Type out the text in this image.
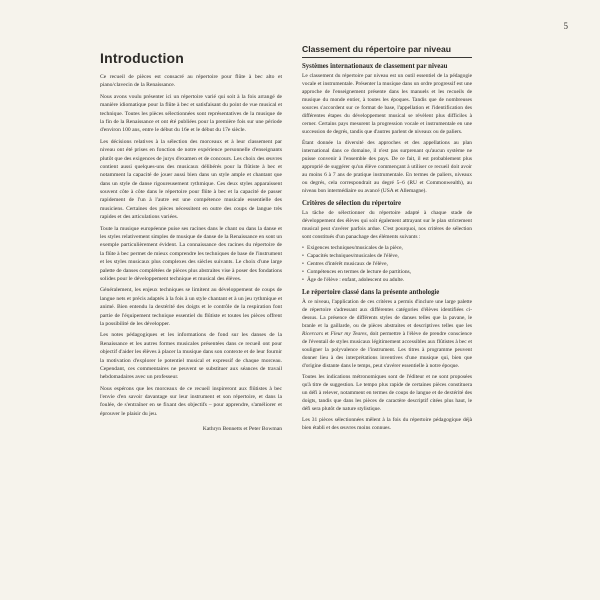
5
Introduction

Ce recueil de pièces est consacré au répertoire pour flûte à bec alto et piano/clavecin de la Renaissance.

Nous avons voulu présenter ici un répertoire varié qui soit à la fois arrangé de manière idiomatique pour la flûte à bec et satisfaisant du point de vue musical et technique. Toutes les pièces sélectionnées sont représentatives de la musique de la fin de la Renaissance et ont été publiées pour la première fois sur une période d'environ 100 ans, entre le début du 16e et le début du 17e siècle.

Les décisions relatives à la sélection des morceaux et à leur classement par niveau ont été prises en fonction de notre expérience personnelle d'enseignants plutôt que des exigences de jurys d'examen et de concours. Les choix des œuvres contient aussi quelques-uns des musicaux délibérés pour la flûtiste à bec et notamment la capacité de jouer aussi bien dans un style ample et chantant que dans un style de danse rigoureusement rythmique. Ces deux styles apparaissent souvent côte à côte dans le répertoire pour flûte à bec et la capacité de passer rapidement de l'un à l'autre est une compétence musicale essentielle des musiciens. Certaines des pièces nécessitent en outre des coups de langue très rapides et des articulations variées.

Toute la musique européenne puise ses racines dans le chant ou dans la danse et les styles relativement simples de musique de danse de la Renaissance en sont un exemple particulièrement évident. La connaissance des racines du répertoire de la flûte à bec permet de mieux comprendre les techniques de base de l'instrument et les styles musicaux plus complexes des siècles suivants. Le choix d'une large palette de danses complétées de pièces plus abstraites vise à poser des fondations solides pour le développement technique et musical des élèves.

Généralement, les enjeux techniques se limitent au développement de coups de langue nets et précis adaptés à la fois à un style chantant et à un jeu rythmique et animé. Bien entendu la dextérité des doigts et le contrôle de la respiration font partie de l'équipement technique essentiel du flûtiste et toutes les pièces offrent la possibilité de les développer.

Les notes pédagogiques et les informations de fond sur les danses de la Renaissance et les autres formes musicales présentées dans ce recueil ont pour objectif d'aider les élèves à placer la musique dans son contexte et de leur fournir la motivation d'explorer le potentiel musical et expressif de chaque morceau. Cependant, ces commentaires ne peuvent se substituer aux séances de travail hebdomadaires avec un professeur.

Nous espérons que les morceaux de ce recueil inspireront aux flûtistes à bec l'envie d'en savoir davantage sur leur instrument et son répertoire, et dans la foulée, de s'entraîner en se fixant des objectifs – pour apprendre, s'améliorer et éprouver le plaisir du jeu.

Kathryn Bennetts et Peter Bowman
Classement du répertoire par niveau
Systèmes internationaux de classement par niveau

Le classement du répertoire par niveau est un outil essentiel de la pédagogie vocale et instrumentale. Présenter la musique dans un ordre progressif est une approche de l'enseignement présente dans les manuels et les recueils de musique du monde entier, à toutes les époques. Tandis que de nombreuses sources s'accordent sur ce format de base, l'appellation et l'identification des différentes étapes du développement musical se révèlent plus difficiles à cerner. Certains pays mesurent la progression vocale et instrumentale en une succession de degrés, tandis que d'autres parlent de niveaux ou de paliers.

Étant donnée la diversité des approches et des appellations au plan international dans ce domaine, il n'est pas surprenant qu'aucun système ne puisse convenir à l'ensemble des pays. De ce fait, il est probablement plus approprié de suggérer qu'un élève commençant à utiliser ce recueil doit avoir au moins 6 à 7 ans de pratique instrumentale. En termes de paliers, niveaux ou degrés, cela correspondrait au degré 5–6 (RU et Commonwealth), au niveau bon intermédiaire ou avancé (USA et Allemagne).

Critères de sélection du répertoire

La tâche de sélectionner du répertoire adapté à chaque stade de développement des élèves qui soit également attrayant sur le plan strictement musical peut s'avérer parfois ardue. C'est pourquoi, nos critères de sélection sont constitués d'un panachage des éléments suivants :

• Exigences techniques/musicales de la pièce,
• Capacités techniques/musicales de l'élève,
• Centres d'intérêt musicaux de l'élève,
• Compétences en termes de lecture de partitions,
• Âge de l'élève : enfant, adolescent ou adulte.
Le répertoire classé dans la présente anthologie

À ce niveau, l'application de ces critères a permis d'inclure une large palette de répertoire s'adressant aux différentes catégories d'élèves identifiées ci-dessus. La présence de différents styles de danses telles que la pavane, le branle et la gaillarde, ou de pièces abstraites et descriptives telles que les Ricercars et Fleur my Teares, doit permettre à l'élève de prendre conscience de l'éventail de styles musicaux légitimement accessibles aux flûtistes à bec et souligner la polyvalence de l'instrument. Les titres à programme peuvent donner lieu à des interprétations inventives d'une musique qui, bien que d'origine distante dans le temps, peut s'avérer essentielle à notre époque.

Toutes les indications métronomiques sont de l'éditeur et ne sont proposées qu'à titre de suggestion. Le tempo plus rapide de certaines pièces constituera un défi à relever, notamment en termes de coups de langue et de dextérité des doigts, tandis que dans les pièces de caractère descriptif citées plus haut, le défi sera plutôt de nature stylistique.

Les 31 pièces sélectionnées mêlent à la fois du répertoire pédagogique déjà bien établi et des œuvres moins connues.
